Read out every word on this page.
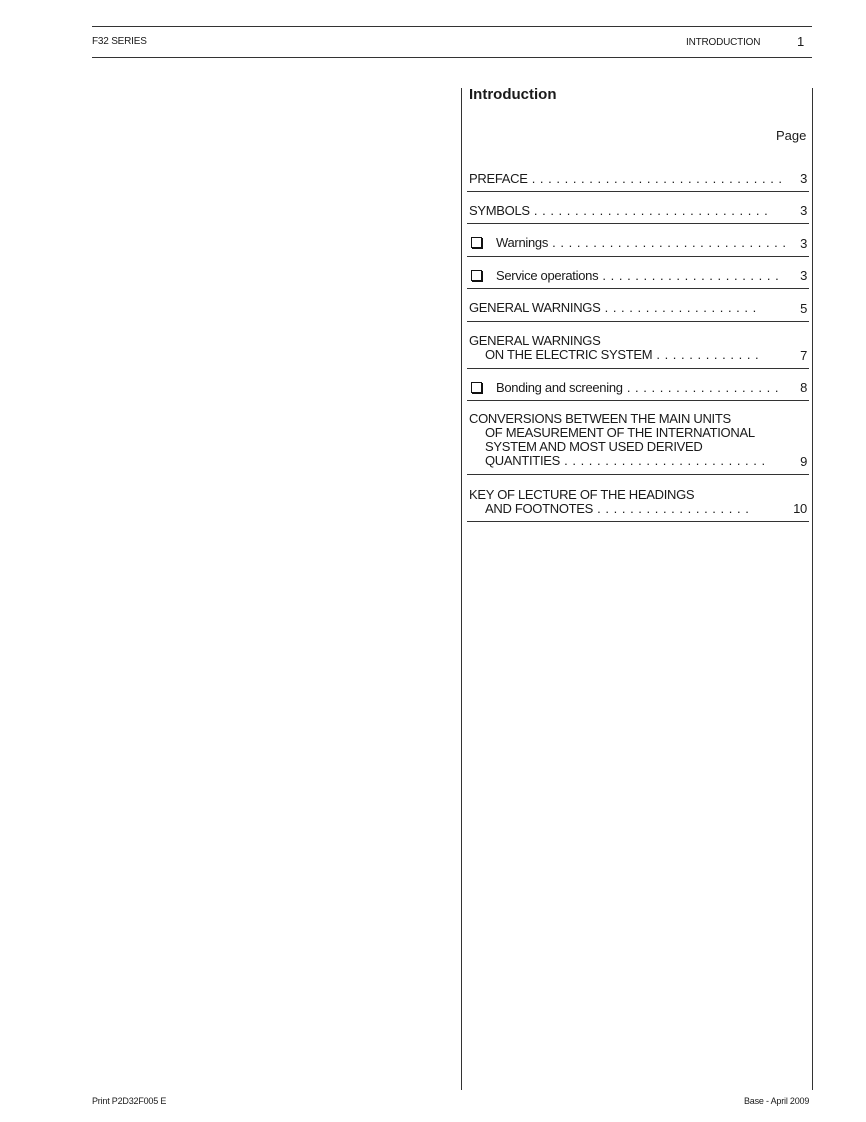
F32 SERIES	INTRODUCTION	1
Introduction
Page
PREFACE . . . . . . . . . . . . . . . . . . . . . . . . . . . . . . . 3
SYMBOLS . . . . . . . . . . . . . . . . . . . . . . . . . . . . . 3
Warnings . . . . . . . . . . . . . . . . . . . . . . . . . . . . . 3
Service operations . . . . . . . . . . . . . . . . . . . . . . 3
GENERAL WARNINGS . . . . . . . . . . . . . . . . . . .	5
GENERAL WARNINGS
ON THE ELECTRIC SYSTEM . . . . . . . . . . . . .	7
Bonding and screening . . . . . . . . . . . . . . . . . . . 8
CONVERSIONS BETWEEN THE MAIN UNITS
OF MEASUREMENT OF THE INTERNATIONAL
SYSTEM AND MOST USED DERIVED
QUANTITIES . . . . . . . . . . . . . . . . . . . . . . . . .	9
KEY OF LECTURE OF THE HEADINGS
AND FOOTNOTES . . . . . . . . . . . . . . . . . . .	10
Print P2D32F005 E	Base - April 2009
